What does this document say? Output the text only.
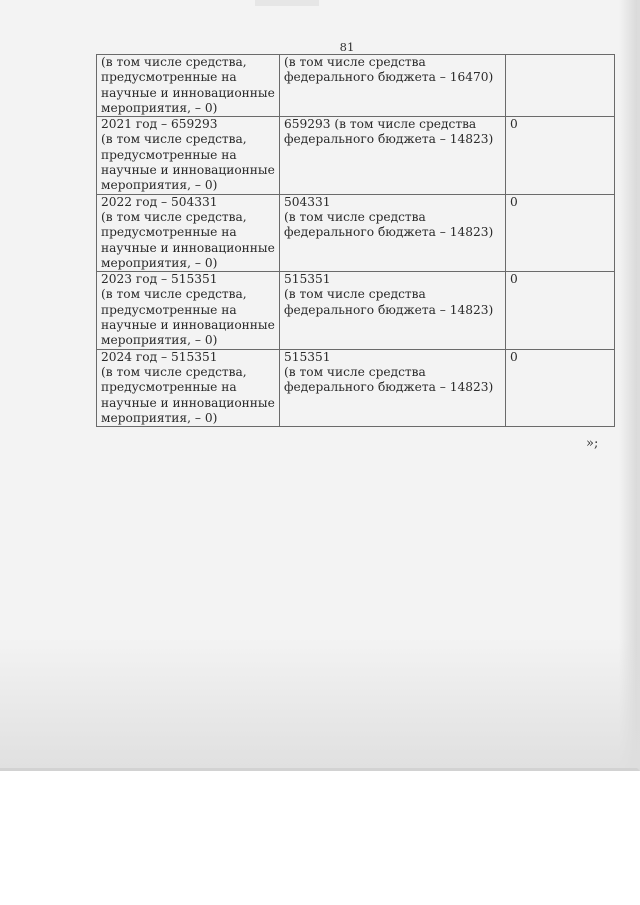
81
(в том числе средства,
предусмотренные на
научные и инновационные
мероприятия, – 0)	(в том числе средства
федерального бюджета – 16470)	
2021 год – 659293
(в том числе средства,
предусмотренные на
научные и инновационные
мероприятия, – 0)	659293 (в том числе средства
федерального бюджета – 14823)	0
2022 год – 504331
(в том числе средства,
предусмотренные на
научные и инновационные
мероприятия, – 0)	504331
(в том числе средства
федерального бюджета – 14823)	0
2023 год – 515351
(в том числе средства,
предусмотренные на
научные и инновационные
мероприятия, – 0)	515351
(в том числе средства
федерального бюджета – 14823)	0
2024 год – 515351
(в том числе средства,
предусмотренные на
научные и инновационные
мероприятия, – 0)	515351
(в том числе средства
федерального бюджета – 14823)	0
»;
